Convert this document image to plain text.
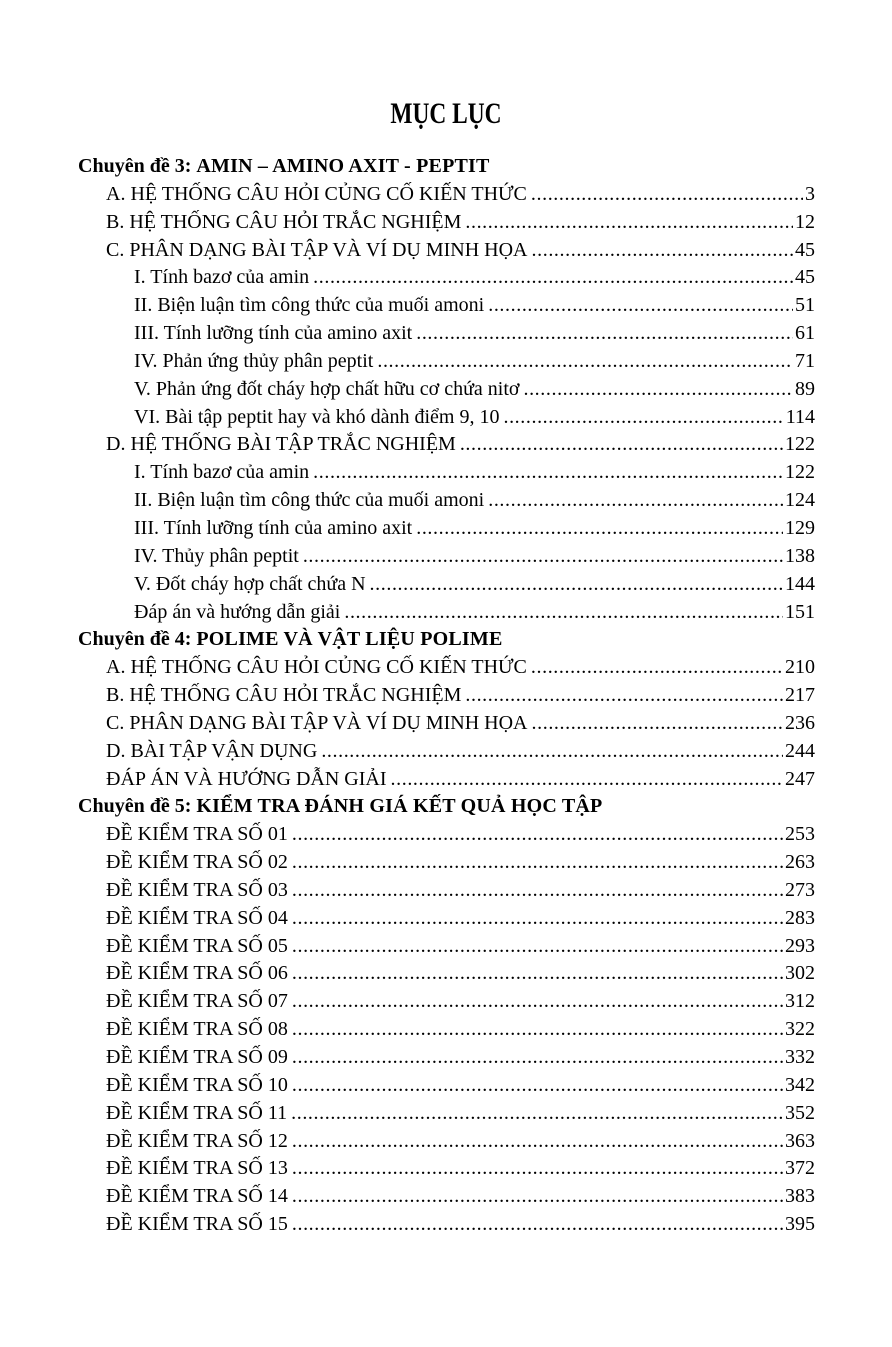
MỤC LỤC
Chuyên đề 3: AMIN – AMINO AXIT - PEPTIT
A. HỆ THỐNG CÂU HỎI CỦNG CỐ KIẾN THỨC .....	3
B. HỆ THỐNG CÂU HỎI TRẮC NGHIỆM .....	12
C. PHÂN DẠNG BÀI TẬP VÀ VÍ DỤ MINH HỌA .....	45
I. Tính bazơ của amin .....	45
II. Biện luận tìm công thức của muối amoni .....	51
III. Tính lưỡng tính của amino axit .....	61
IV. Phản ứng thủy phân peptit .....	71
V. Phản ứng đốt cháy hợp chất hữu cơ chứa nitơ .....	89
VI. Bài tập peptit hay và khó dành điểm 9, 10 .....	114
D. HỆ THỐNG BÀI TẬP TRẮC NGHIỆM .....	122
I. Tính bazơ của amin .....	122
II. Biện luận tìm công thức của muối amoni .....	124
III. Tính lưỡng tính của amino axit .....	129
IV. Thủy phân peptit .....	138
V. Đốt cháy hợp chất chứa N .....	144
Đáp án và hướng dẫn giải .....	151
Chuyên đề 4: POLIME VÀ VẬT LIỆU POLIME
A. HỆ THỐNG CÂU HỎI CỦNG CỐ KIẾN THỨC .....	210
B. HỆ THỐNG CÂU HỎI TRẮC NGHIỆM .....	217
C. PHÂN DẠNG BÀI TẬP VÀ VÍ DỤ MINH HỌA .....	236
D. BÀI TẬP VẬN DỤNG .....	244
ĐÁP ÁN VÀ HƯỚNG DẪN GIẢI .....	247
Chuyên đề 5: KIỂM TRA ĐÁNH GIÁ KẾT QUẢ HỌC TẬP
ĐỀ KIỂM TRA SỐ 01 .....	253
ĐỀ KIỂM TRA SỐ 02 .....	263
ĐỀ KIỂM TRA SỐ 03 .....	273
ĐỀ KIỂM TRA SỐ 04 .....	283
ĐỀ KIỂM TRA SỐ 05 .....	293
ĐỀ KIỂM TRA SỐ 06 .....	302
ĐỀ KIỂM TRA SỐ 07 .....	312
ĐỀ KIỂM TRA SỐ 08 .....	322
ĐỀ KIỂM TRA SỐ 09 .....	332
ĐỀ KIỂM TRA SỐ 10 .....	342
ĐỀ KIỂM TRA SỐ 11 .....	352
ĐỀ KIỂM TRA SỐ 12 .....	363
ĐỀ KIỂM TRA SỐ 13 .....	372
ĐỀ KIỂM TRA SỐ 14 .....	383
ĐỀ KIỂM TRA SỐ 15 .....	395
